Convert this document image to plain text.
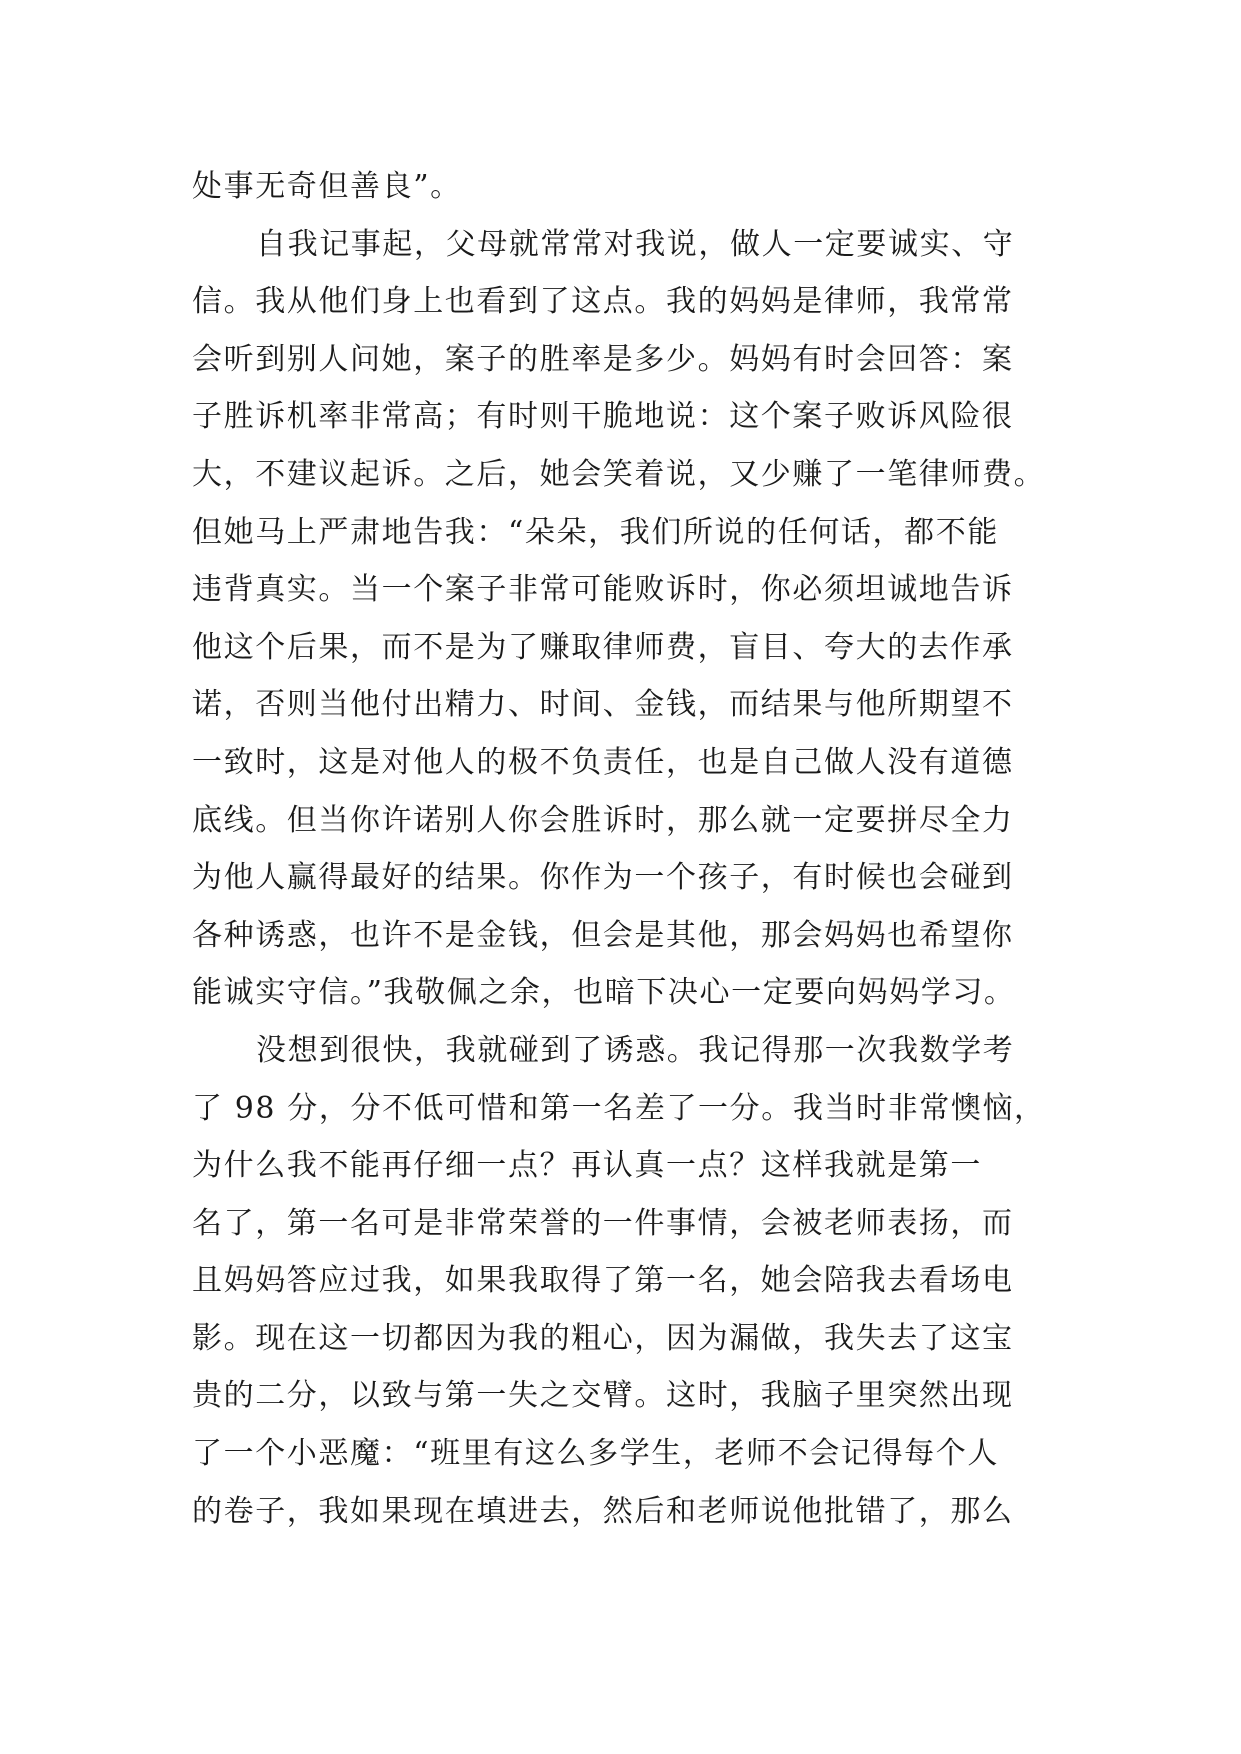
处事无奇但善良”。
自我记事起，父母就常常对我说，做人一定要诚实、守
信。我从他们身上也看到了这点。我的妈妈是律师，我常常
会听到别人问她，案子的胜率是多少。妈妈有时会回答：案
子胜诉机率非常高；有时则干脆地说：这个案子败诉风险很
大，不建议起诉。之后，她会笑着说，又少赚了一笔律师费。
但她马上严肃地告我：“朵朵，我们所说的任何话，都不能
违背真实。当一个案子非常可能败诉时，你必须坦诚地告诉
他这个后果，而不是为了赚取律师费，盲目、夸大的去作承
诺，否则当他付出精力、时间、金钱，而结果与他所期望不
一致时，这是对他人的极不负责任，也是自己做人没有道德
底线。但当你许诺别人你会胜诉时，那么就一定要拼尽全力
为他人赢得最好的结果。你作为一个孩子，有时候也会碰到
各种诱惑，也许不是金钱，但会是其他，那会妈妈也希望你
能诚实守信。”我敬佩之余，也暗下决心一定要向妈妈学习。
没想到很快，我就碰到了诱惑。我记得那一次我数学考
了 98 分，分不低可惜和第一名差了一分。我当时非常懊恼，
为什么我不能再仔细一点？再认真一点？这样我就是第一
名了，第一名可是非常荣誉的一件事情，会被老师表扬，而
且妈妈答应过我，如果我取得了第一名，她会陪我去看场电
影。现在这一切都因为我的粗心，因为漏做，我失去了这宝
贵的二分，以致与第一失之交臂。这时，我脑子里突然出现
了一个小恶魔：“班里有这么多学生，老师不会记得每个人
的卷子，我如果现在填进去，然后和老师说他批错了，那么
